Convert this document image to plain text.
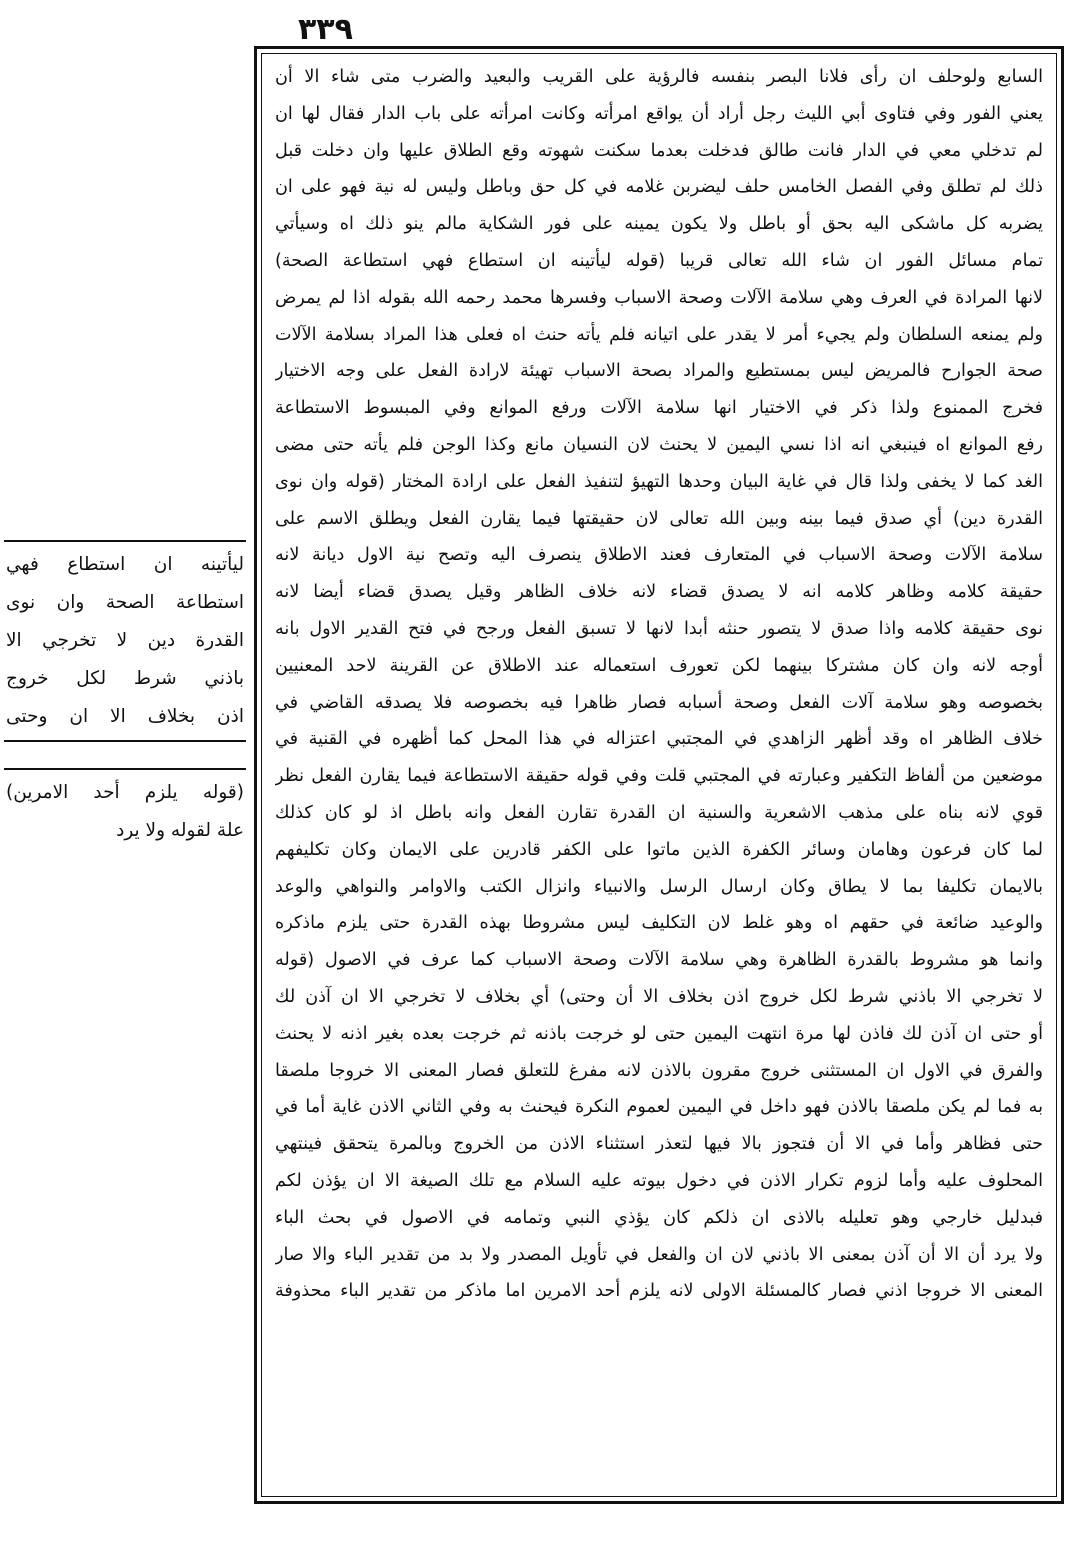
٣٣٩
السابع ولوحلف ان رأى فلانا البصر بنفسه فالرؤية على القريب والبعيد والضرب متى شاء الا أن
يعني الفور وفي فتاوى أبي الليث رجل أراد أن يواقع امرأته وكانت امرأته على باب الدار فقال لها ان
لم تدخلي معي في الدار فانت طالق فدخلت بعدما سكنت شهوته وقع الطلاق عليها وان دخلت قبل
ذلك لم تطلق وفي الفصل الخامس حلف ليضربن غلامه في كل حق وباطل وليس له نية فهو على ان
يضربه كل ماشكى اليه بحق أو باطل ولا يكون يمينه على فور الشكاية مالم ينو ذلك اه وسيأتي
تمام مسائل الفور ان شاء الله تعالى قريبا (قوله ليأتينه ان استطاع فهي استطاعة الصحة)
لانها المرادة في العرف وهي سلامة الآلات وصحة الاسباب وفسرها محمد رحمه الله بقوله اذا لم يمرض
ولم يمنعه السلطان ولم يجيء أمر لا يقدر على اتيانه فلم يأته حنث اه فعلى هذا المراد بسلامة الآلات
صحة الجوارح فالمريض ليس بمستطيع والمراد بصحة الاسباب تهيئة لارادة الفعل على وجه الاختيار
فخرج الممنوع ولذا ذكر في الاختيار انها سلامة الآلات ورفع الموانع وفي المبسوط الاستطاعة
رفع الموانع اه فينبغي انه اذا نسي اليمين لا يحنث لان النسيان مانع وكذا الوجن فلم يأته حتى مضى
الغد كما لا يخفى ولذا قال في غاية البيان وحدها التهيؤ لتنفيذ الفعل على ارادة المختار (قوله وان نوى
القدرة دين) أي صدق فيما بينه وبين الله تعالى لان حقيقتها فيما يقارن الفعل ويطلق الاسم على
سلامة الآلات وصحة الاسباب في المتعارف فعند الاطلاق ينصرف اليه وتصح نية الاول ديانة لانه
حقيقة كلامه وظاهر كلامه انه لا يصدق قضاء لانه خلاف الظاهر وقيل يصدق قضاء أيضا لانه
نوى حقيقة كلامه واذا صدق لا يتصور حنثه أبدا لانها لا تسبق الفعل ورجح في فتح القدير الاول بانه
أوجه لانه وان كان مشتركا بينهما لكن تعورف استعماله عند الاطلاق عن القرينة لاحد المعنيين
بخصوصه وهو سلامة آلات الفعل وصحة أسبابه فصار ظاهرا فيه بخصوصه فلا يصدقه القاضي في
خلاف الظاهر اه وقد أظهر الزاهدي في المجتبي اعتزاله في هذا المحل كما أظهره في القنية في
موضعين من ألفاظ التكفير وعبارته في المجتبي قلت وفي قوله حقيقة الاستطاعة فيما يقارن الفعل نظر
قوي لانه بناه على مذهب الاشعرية والسنية ان القدرة تقارن الفعل وانه باطل اذ لو كان كذلك
لما كان فرعون وهامان وسائر الكفرة الذين ماتوا على الكفر قادرين على الايمان وكان تكليفهم
بالايمان تكليفا بما لا يطاق وكان ارسال الرسل والانبياء وانزال الكتب والاوامر والنواهي والوعد
والوعيد ضائعة في حقهم اه وهو غلط لان التكليف ليس مشروطا بهذه القدرة حتى يلزم ماذكره
وانما هو مشروط بالقدرة الظاهرة وهي سلامة الآلات وصحة الاسباب كما عرف في الاصول (قوله
لا تخرجي الا باذني شرط لكل خروج اذن بخلاف الا أن وحتى) أي بخلاف لا تخرجي الا ان آذن لك
أو حتى ان آذن لك فاذن لها مرة انتهت اليمين حتى لو خرجت باذنه ثم خرجت بعده بغير اذنه لا يحنث
والفرق في الاول ان المستثنى خروج مقرون بالاذن لانه مفرغ للتعلق فصار المعنى الا خروجا ملصقا
به فما لم يكن ملصقا بالاذن فهو داخل في اليمين لعموم النكرة فيحنث به وفي الثاني الاذن غاية أما في
حتى فظاهر وأما في الا أن فتجوز بالا فيها لتعذر استثناء الاذن من الخروج وبالمرة يتحقق فينتهي
المحلوف عليه وأما لزوم تكرار الاذن في دخول بيوته عليه السلام مع تلك الصيغة الا ان يؤذن لكم
فبدليل خارجي وهو تعليله بالاذى ان ذلكم كان يؤذي النبي وتمامه في الاصول في بحث الباء
ولا يرد أن الا أن آذن بمعنى الا باذني لان ان والفعل في تأويل المصدر ولا بد من تقدير الباء والا صار
المعنى الا خروجا اذني فصار كالمسئلة الاولى لانه يلزم أحد الامرين اما ماذكر من تقدير الباء محذوفة
ليأتينه ان استطاع فهي
استطاعة الصحة وان نوى
القدرة دين لا تخرجي الا
باذني شرط لكل خروج
اذن بخلاف الا ان وحتى
(قوله يلزم أحد الامرين)
علة لقوله ولا يرد
